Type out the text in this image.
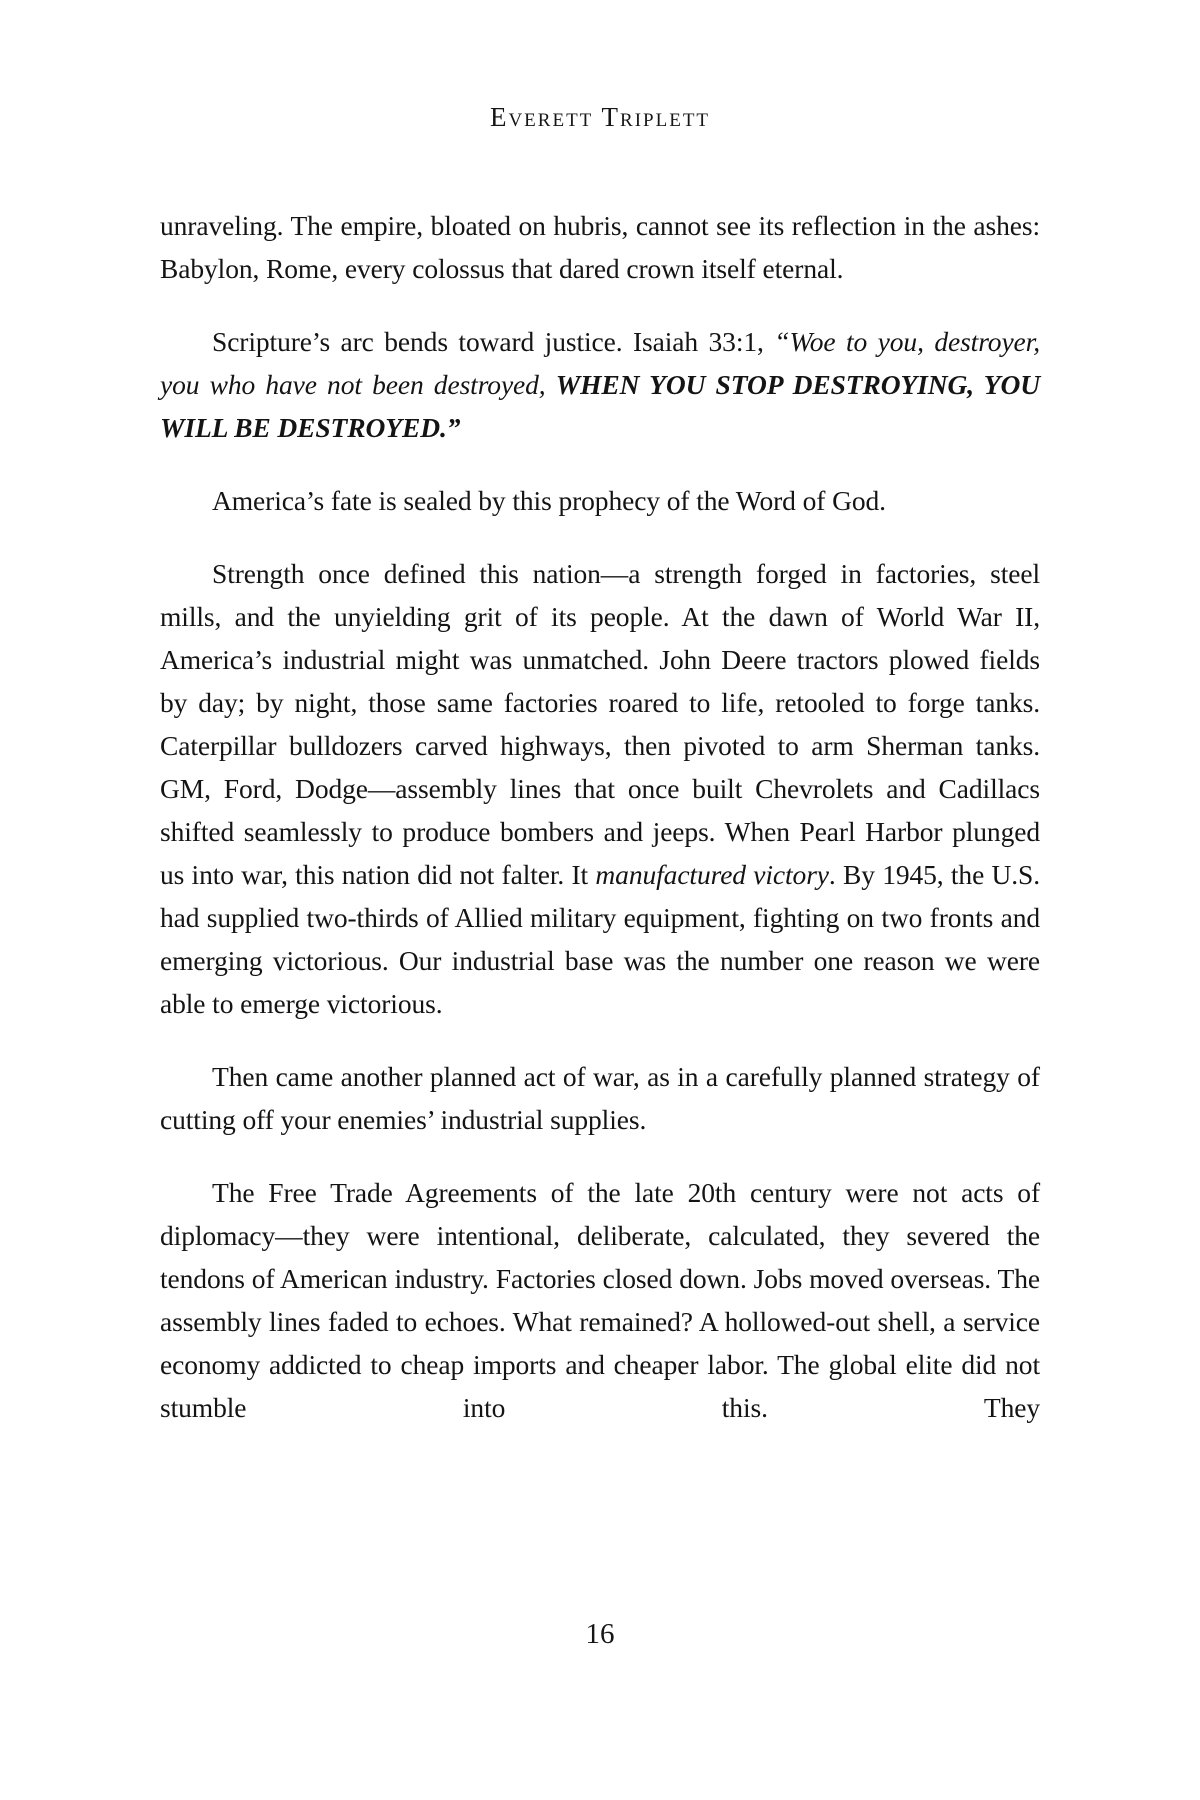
Everett Triplett

unraveling. The empire, bloated on hubris, cannot see its reflection in the ashes: Babylon, Rome, every colossus that dared crown itself eternal.

Scripture’s arc bends toward justice. Isaiah 33:1, “Woe to you, destroyer, you who have not been destroyed, WHEN YOU STOP DESTROYING, YOU WILL BE DESTROYED.”

America’s fate is sealed by this prophecy of the Word of God.

Strength once defined this nation—a strength forged in factories, steel mills, and the unyielding grit of its people. At the dawn of World War II, America’s industrial might was unmatched. John Deere tractors plowed fields by day; by night, those same factories roared to life, retooled to forge tanks. Caterpillar bulldozers carved highways, then pivoted to arm Sherman tanks. GM, Ford, Dodge—assembly lines that once built Chevrolets and Cadillacs shifted seamlessly to produce bombers and jeeps. When Pearl Harbor plunged us into war, this nation did not falter. It manufactured victory. By 1945, the U.S. had supplied two-thirds of Allied military equipment, fighting on two fronts and emerging victorious. Our industrial base was the number one reason we were able to emerge victorious.

Then came another planned act of war, as in a carefully planned strategy of cutting off your enemies’ industrial supplies.

The Free Trade Agreements of the late 20th century were not acts of diplomacy—they were intentional, deliberate, calculated, they severed the tendons of American industry. Factories closed down. Jobs moved overseas. The assembly lines faded to echoes. What remained? A hollowed-out shell, a service economy addicted to cheap imports and cheaper labor. The global elite did not stumble into this. They

16
